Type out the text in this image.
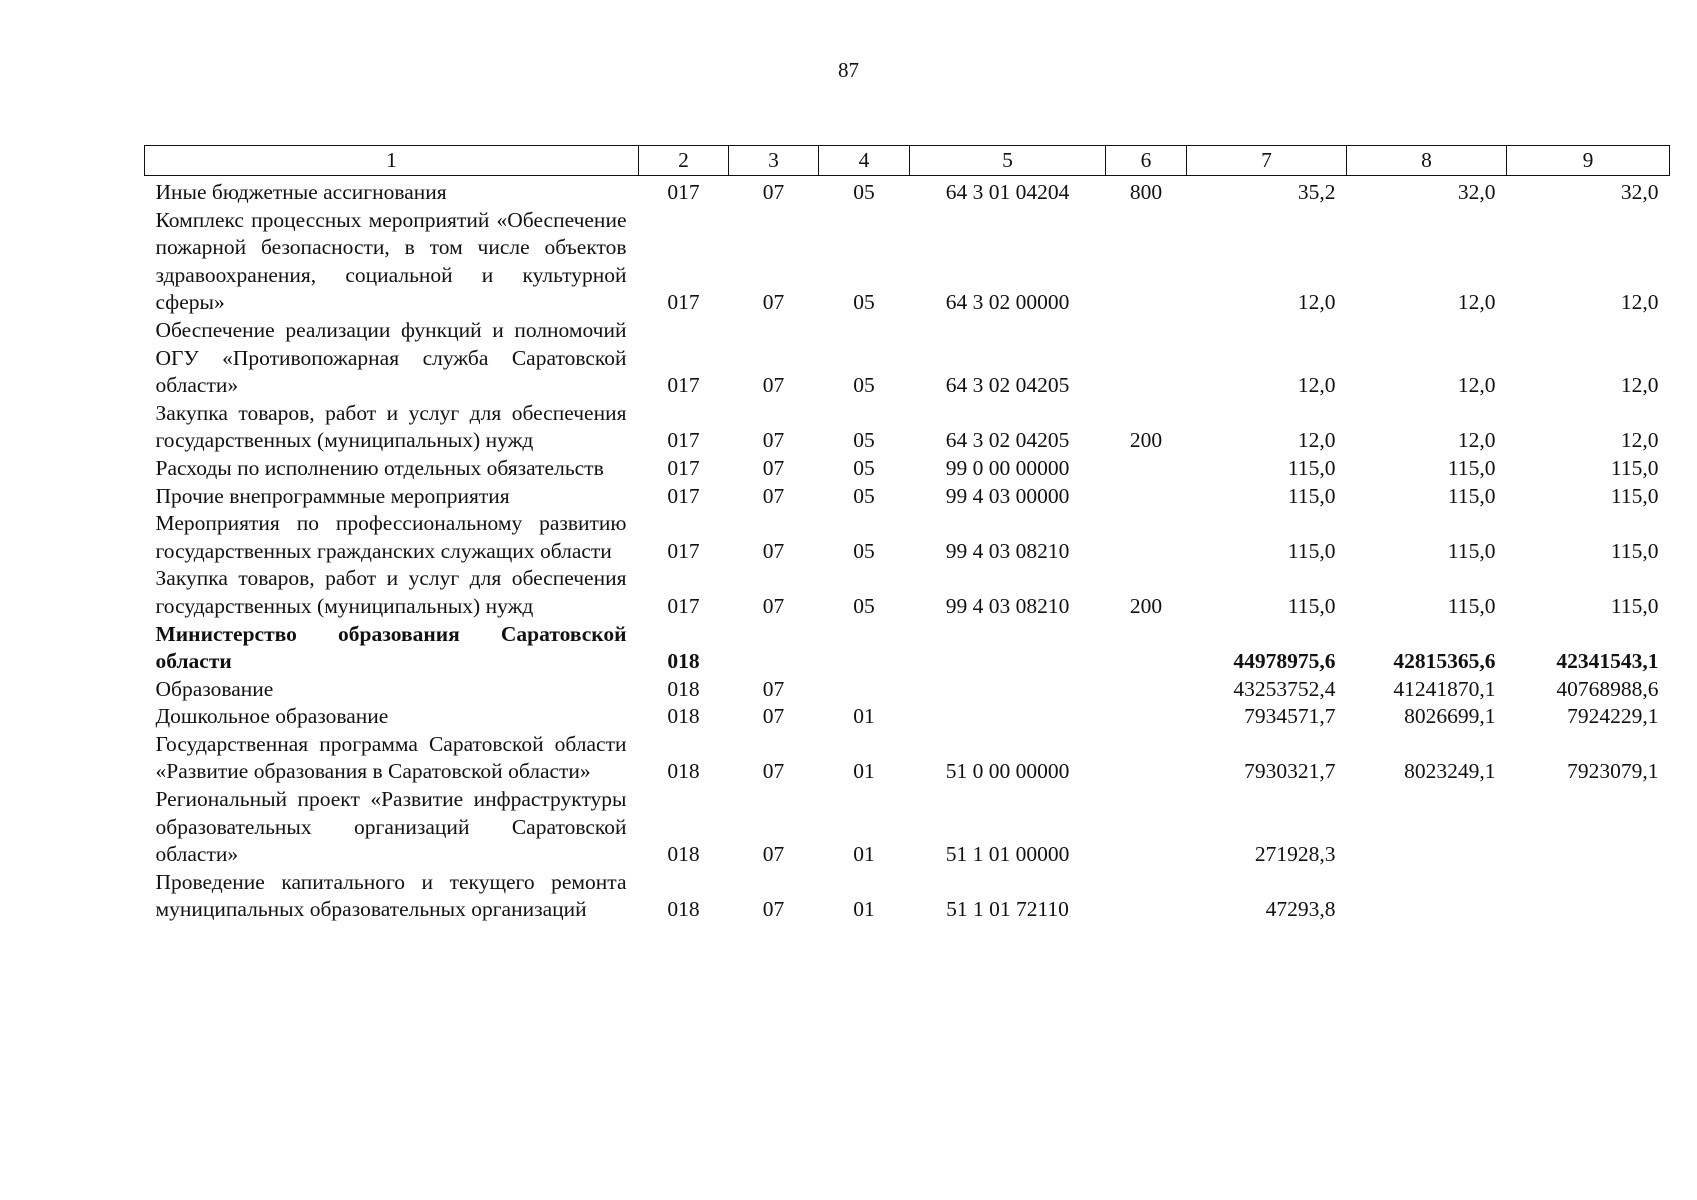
87
1	2	3	4	5	6	7	8	9
Иные бюджетные ассигнования	017	07	05	64 3 01 04204	800	35,2	32,0	32,0
Комплекс процессных мероприятий «Обеспечение пожарной безопасности, в том числе объектов здравоохранения, социальной и культурной сферы»	017	07	05	64 3 02 00000		12,0	12,0	12,0
Обеспечение реализации функций и полномочий ОГУ «Противопожарная служба Саратовской области»	017	07	05	64 3 02 04205		12,0	12,0	12,0
Закупка товаров, работ и услуг для обеспечения государственных (муниципальных) нужд	017	07	05	64 3 02 04205	200	12,0	12,0	12,0
Расходы по исполнению отдельных обязательств	017	07	05	99 0 00 00000		115,0	115,0	115,0
Прочие внепрограммные мероприятия	017	07	05	99 4 03 00000		115,0	115,0	115,0
Мероприятия по профессиональному развитию государственных гражданских служащих области	017	07	05	99 4 03 08210		115,0	115,0	115,0
Закупка товаров, работ и услуг для обеспечения государственных (муниципальных) нужд	017	07	05	99 4 03 08210	200	115,0	115,0	115,0
Министерство образования Саратовской области	018					44978975,6	42815365,6	42341543,1
Образование	018	07				43253752,4	41241870,1	40768988,6
Дошкольное образование	018	07	01			7934571,7	8026699,1	7924229,1
Государственная программа Саратовской области «Развитие образования в Саратовской области»	018	07	01	51 0 00 00000		7930321,7	8023249,1	7923079,1
Региональный проект «Развитие инфраструктуры образовательных организаций Саратовской области»	018	07	01	51 1 01 00000		271928,3		
Проведение капитального и текущего ремонта муниципальных образовательных организаций	018	07	01	51 1 01 72110		47293,8		
